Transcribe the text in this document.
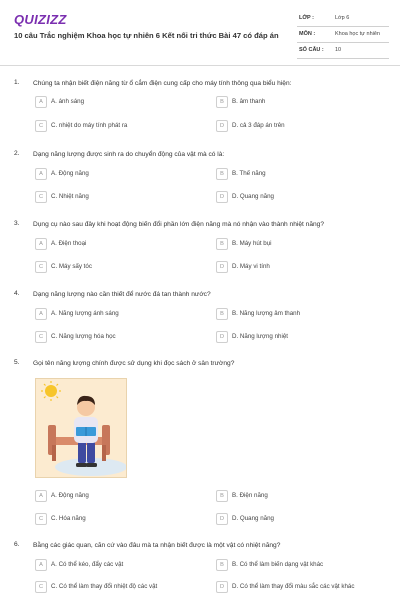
QUIZIZZ
10 câu Trắc nghiệm Khoa học tự nhiên 6 Kết nối tri thức Bài 47 có đáp án
LỚP :	Lớp 6
MÔN :	Khoa học tự nhiên
SỐ CÂU : 10
1. Chúng ta nhận biết điện năng từ ổ cắm điện cung cấp cho máy tính thông qua biểu hiện:
A	A. ánh sáng	B	B. âm thanh
C	C. nhiệt do máy tính phát ra	D	D. cả 3 đáp án trên
2. Dạng năng lượng được sinh ra do chuyển động của vật mà có là:
A	A. Động năng	B	B. Thế năng
C	C. Nhiệt năng	D	D. Quang năng
3. Dụng cụ nào sau đây khi hoạt động biến đổi phần lớn điện năng mà nó nhận vào thành nhiệt năng?
A	A. Điện thoại	B	B. Máy hút bụi
C	C. Máy sấy tóc	D	D. Máy vi tính
4. Dạng năng lượng nào cần thiết để nước đá tan thành nước?
A	A. Năng lượng ánh sáng	B	B. Năng lượng âm thanh
C	C. Năng lượng hóa học	D	D. Năng lượng nhiệt
5. Gọi tên năng lượng chính được sử dụng khi đọc sách ở sân trường?
A	A. Động năng	B	B. Điện năng
C	C. Hóa năng	D	D. Quang năng
6. Bằng các giác quan, căn cứ vào đâu mà ta nhận biết được là một vật có nhiệt năng?
A	A. Có thể kéo, đẩy các vật	B	B. Có thể làm biến dạng vật khác
C	C. Có thể làm thay đổi nhiệt độ các vật	D	D. Có thể làm thay đổi màu sắc các vật khác
